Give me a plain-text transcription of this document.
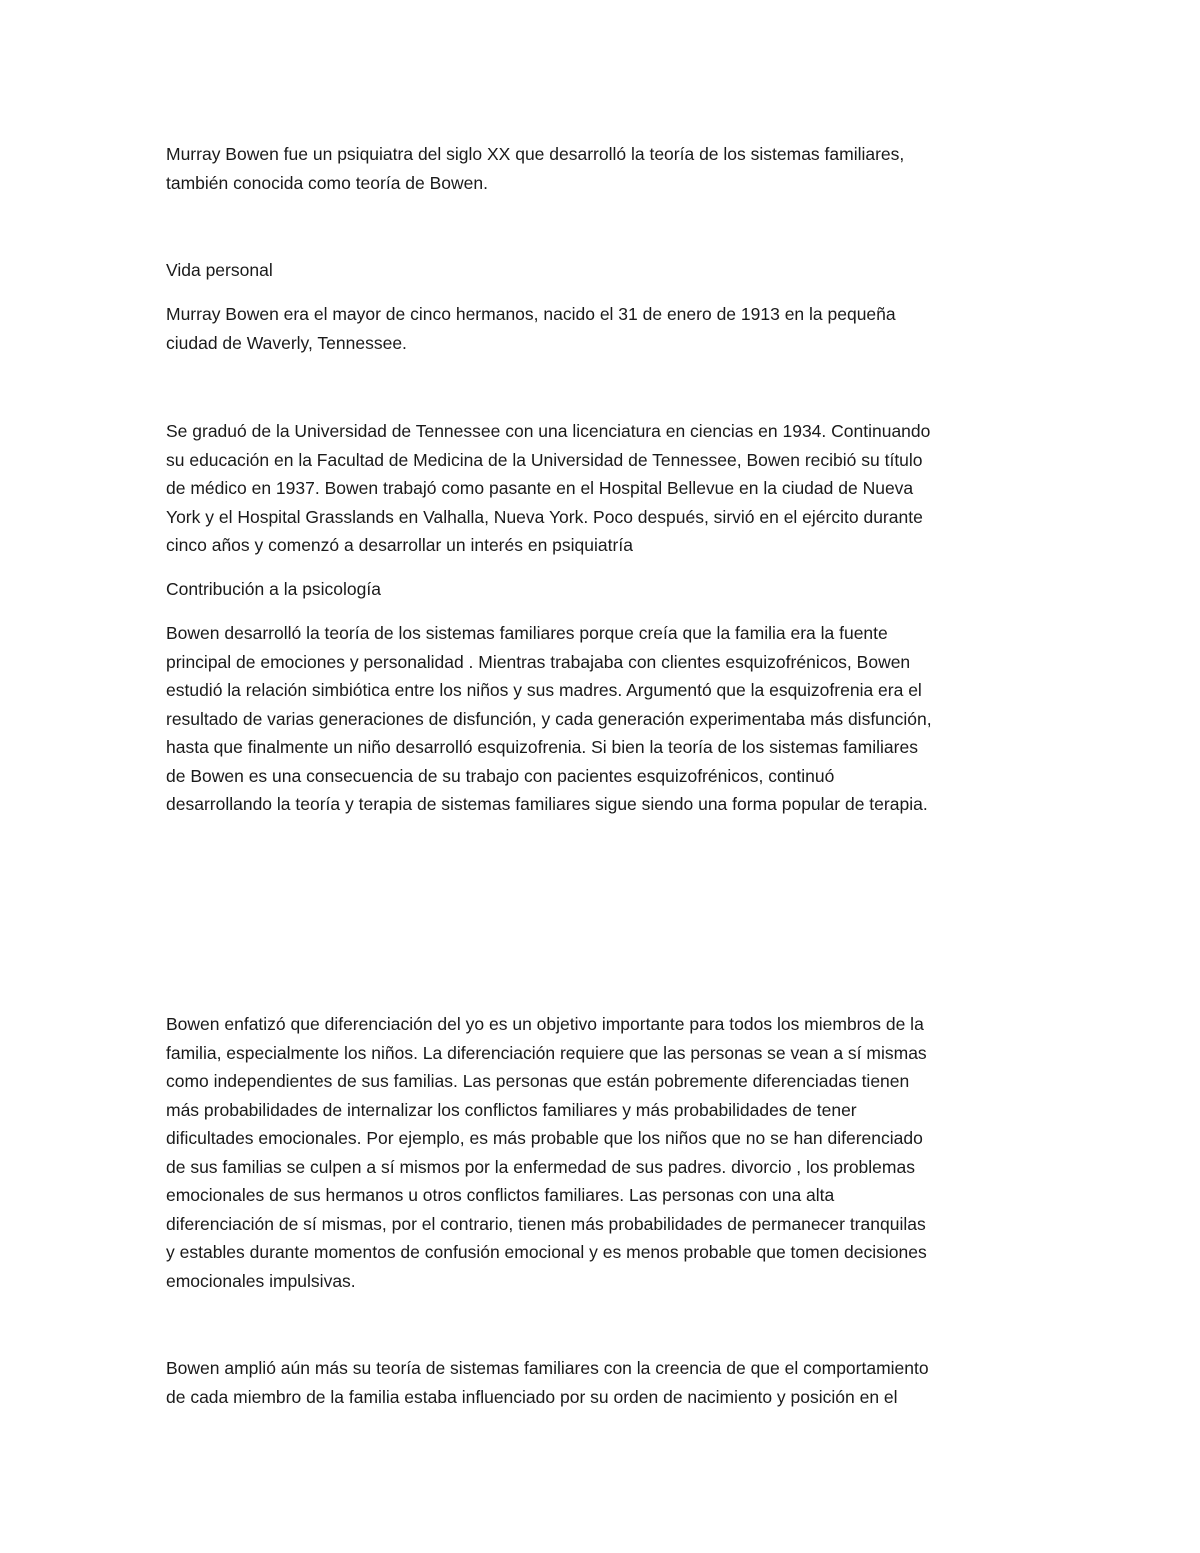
Murray Bowen fue un psiquiatra del siglo XX que desarrolló la teoría de los sistemas familiares,
también conocida como teoría de Bowen.

Vida personal

Murray Bowen era el mayor de cinco hermanos, nacido el 31 de enero de 1913 en la pequeña
ciudad de Waverly, Tennessee.

Se graduó de la Universidad de Tennessee con una licenciatura en ciencias en 1934. Continuando
su educación en la Facultad de Medicina de la Universidad de Tennessee, Bowen recibió su título
de médico en 1937. Bowen trabajó como pasante en el Hospital Bellevue en la ciudad de Nueva
York y el Hospital Grasslands en Valhalla, Nueva York. Poco después, sirvió en el ejército durante
cinco años y comenzó a desarrollar un interés en psiquiatría

Contribución a la psicología

Bowen desarrolló la teoría de los sistemas familiares porque creía que la familia era la fuente
principal de emociones y personalidad . Mientras trabajaba con clientes esquizofrénicos, Bowen
estudió la relación simbiótica entre los niños y sus madres. Argumentó que la esquizofrenia era el
resultado de varias generaciones de disfunción, y cada generación experimentaba más disfunción,
hasta que finalmente un niño desarrolló esquizofrenia. Si bien la teoría de los sistemas familiares
de Bowen es una consecuencia de su trabajo con pacientes esquizofrénicos, continuó
desarrollando la teoría y terapia de sistemas familiares sigue siendo una forma popular de terapia.

Bowen enfatizó que diferenciación del yo es un objetivo importante para todos los miembros de la
familia, especialmente los niños. La diferenciación requiere que las personas se vean a sí mismas
como independientes de sus familias. Las personas que están pobremente diferenciadas tienen
más probabilidades de internalizar los conflictos familiares y más probabilidades de tener
dificultades emocionales. Por ejemplo, es más probable que los niños que no se han diferenciado
de sus familias se culpen a sí mismos por la enfermedad de sus padres. divorcio , los problemas
emocionales de sus hermanos u otros conflictos familiares. Las personas con una alta
diferenciación de sí mismas, por el contrario, tienen más probabilidades de permanecer tranquilas
y estables durante momentos de confusión emocional y es menos probable que tomen decisiones
emocionales impulsivas.

Bowen amplió aún más su teoría de sistemas familiares con la creencia de que el comportamiento
de cada miembro de la familia estaba influenciado por su orden de nacimiento y posición en el
